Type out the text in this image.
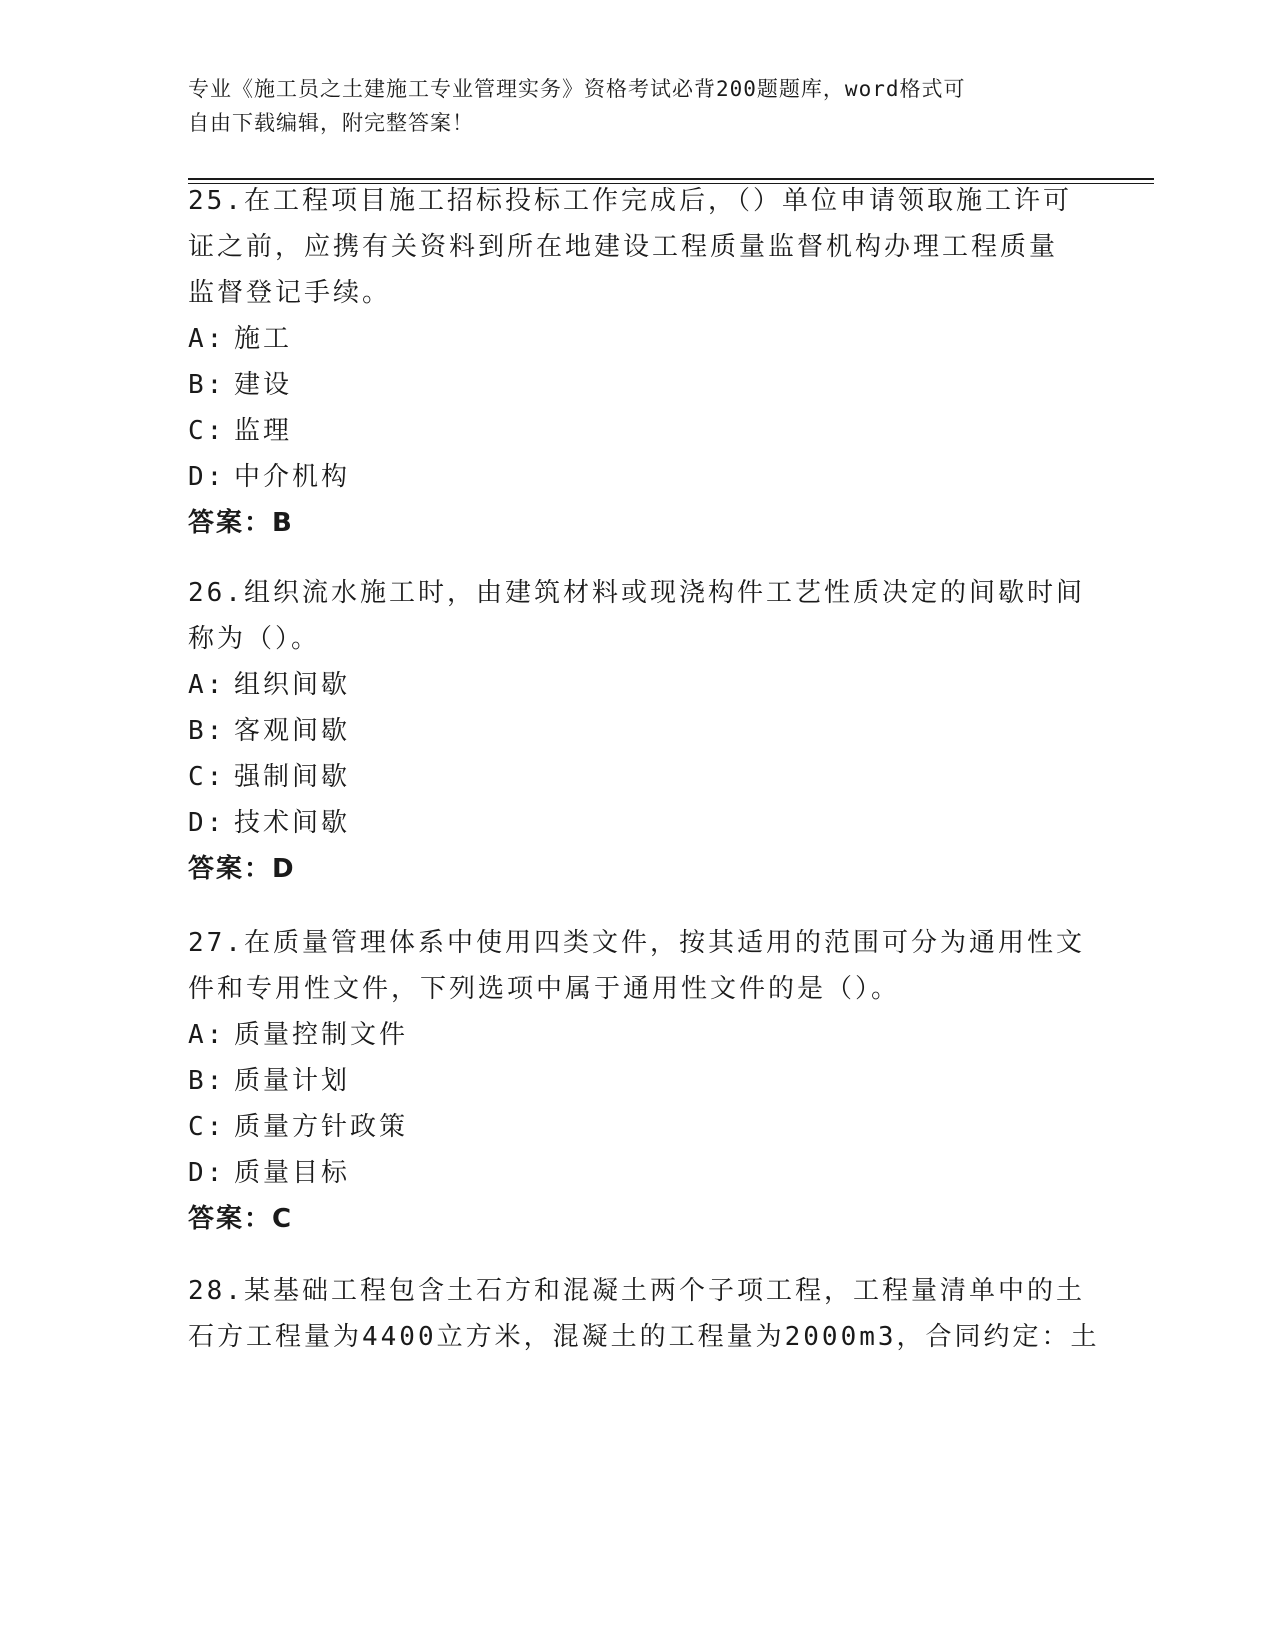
专业《施工员之土建施工专业管理实务》资格考试必背200题题库，word格式可
自由下载编辑，附完整答案！
25.在工程项目施工招标投标工作完成后，（）单位申请领取施工许可
证之前，应携有关资料到所在地建设工程质量监督机构办理工程质量
监督登记手续。
A: 施工
B: 建设
C: 监理
D: 中介机构
答案：B
26.组织流水施工时，由建筑材料或现浇构件工艺性质决定的间歇时间
称为（）。
A: 组织间歇
B: 客观间歇
C: 强制间歇
D: 技术间歇
答案：D
27.在质量管理体系中使用四类文件，按其适用的范围可分为通用性文
件和专用性文件，下列选项中属于通用性文件的是（）。
A: 质量控制文件
B: 质量计划
C: 质量方针政策
D: 质量目标
答案：C
28.某基础工程包含土石方和混凝土两个子项工程，工程量清单中的土
石方工程量为4400立方米，混凝土的工程量为2000m3，合同约定：土
